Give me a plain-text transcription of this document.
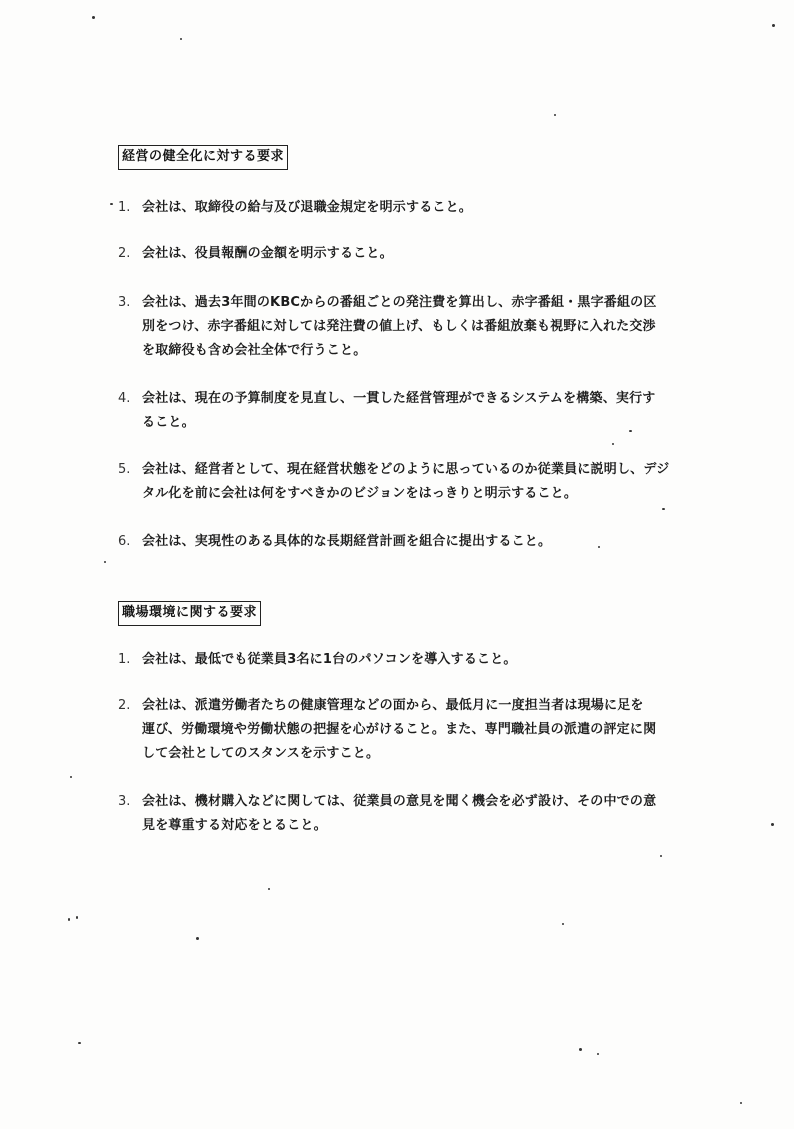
経営の健全化に対する要求
1. 会社は、取締役の給与及び退職金規定を明示すること。
2. 会社は、役員報酬の金額を明示すること。
3. 会社は、過去3年間のKBCからの番組ごとの発注費を算出し、赤字番組・黒字番組の区
別をつけ、赤字番組に対しては発注費の値上げ、もしくは番組放棄も視野に入れた交渉
を取締役も含め会社全体で行うこと。
4. 会社は、現在の予算制度を見直し、一貫した経営管理ができるシステムを構築、実行す
ること。
5. 会社は、経営者として、現在経営状態をどのように思っているのか従業員に説明し、デジ
タル化を前に会社は何をすべきかのビジョンをはっきりと明示すること。
6. 会社は、実現性のある具体的な長期経営計画を組合に提出すること。
職場環境に関する要求
1. 会社は、最低でも従業員3名に1台のパソコンを導入すること。
2. 会社は、派遣労働者たちの健康管理などの面から、最低月に一度担当者は現場に足を
運び、労働環境や労働状態の把握を心がけること。また、専門職社員の派遣の評定に関
して会社としてのスタンスを示すこと。
3. 会社は、機材購入などに関しては、従業員の意見を聞く機会を必ず設け、その中での意
見を尊重する対応をとること。
